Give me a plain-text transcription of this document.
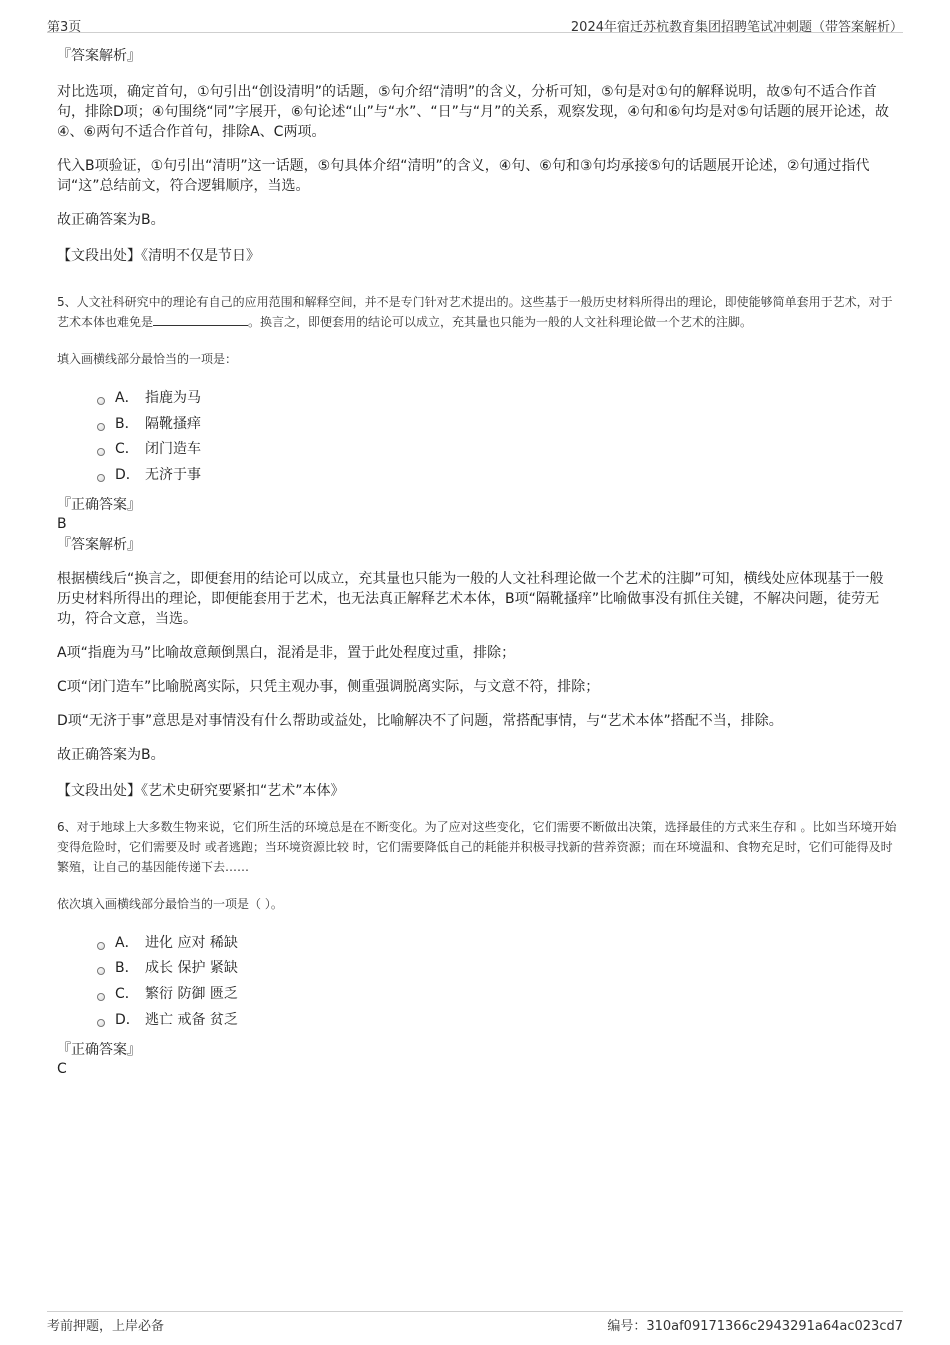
第3页	2024年宿迁苏杭教育集团招聘笔试冲刺题（带答案解析）

『答案解析』

对比选项，确定首句，①句引出“创设清明”的话题，⑤句介绍“清明”的含义，分析可知，⑤句是对①句的解释说明，故⑤句不适合作首句，排除D项；④句围绕“同”字展开，⑥句论述“山”与“水”、“日”与“月”的关系，观察发现，④句和⑥句均是对⑤句话题的展开论述，故④、⑥两句不适合作首句，排除A、C两项。

代入B项验证，①句引出“清明”这一话题，⑤句具体介绍“清明”的含义，④句、⑥句和③句均承接⑤句的话题展开论述，②句通过指代词“这”总结前文，符合逻辑顺序，当选。

故正确答案为B。

【文段出处】《清明不仅是节日》

5、人文社科研究中的理论有自己的应用范围和解释空间，并不是专门针对艺术提出的。这些基于一般历史材料所得出的理论，即使能够简单套用于艺术，对于艺术本体也难免是	。换言之，即便套用的结论可以成立，充其量也只能为一般的人文社科理论做一个艺术的注脚。

填入画横线部分最恰当的一项是：

A． 指鹿为马
B． 隔靴搔痒
C． 闭门造车
D． 无济于事

『正确答案』

B

『答案解析』

根据横线后“换言之，即便套用的结论可以成立，充其量也只能为一般的人文社科理论做一个艺术的注脚”可知，横线处应体现基于一般历史材料所得出的理论，即便能套用于艺术，也无法真正解释艺术本体，B项“隔靴搔痒”比喻做事没有抓住关键，不解决问题，徒劳无功，符合文意，当选。

A项“指鹿为马”比喻故意颠倒黑白，混淆是非，置于此处程度过重，排除；

C项“闭门造车”比喻脱离实际，只凭主观办事，侧重强调脱离实际，与文意不符，排除；

D项“无济于事”意思是对事情没有什么帮助或益处，比喻解决不了问题，常搭配事情，与“艺术本体”搭配不当，排除。

故正确答案为B。

【文段出处】《艺术史研究要紧扣“艺术”本体》

6、对于地球上大多数生物来说，它们所生活的环境总是在不断变化。为了应对这些变化，它们需要不断做出决策，选择最佳的方式来生存和 。比如当环境开始变得危险时，它们需要及时 或者逃跑；当环境资源比较 时，它们需要降低自己的耗能并积极寻找新的营养资源；而在环境温和、食物充足时，它们可能得及时繁殖，让自己的基因能传递下去……

依次填入画横线部分最恰当的一项是（ ）。

A． 进化 应对 稀缺
B． 成长 保护 紧缺
C． 繁衍 防御 匮乏
D． 逃亡 戒备 贫乏

『正确答案』

C

考前押题，上岸必备	编号：310af09171366c2943291a64ac023cd7
